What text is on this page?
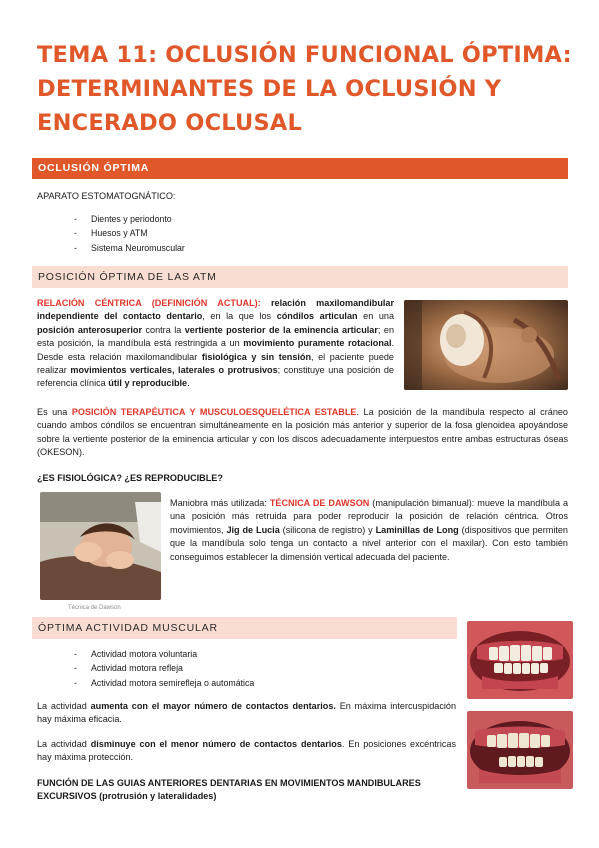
TEMA 11: OCLUSIÓN FUNCIONAL ÓPTIMA:
DETERMINANTES DE LA OCLUSIÓN Y
ENCERADO OCLUSAL
OCLUSIÓN ÓPTIMA

APARATO ESTOMATOGNÁTICO:

- Dientes y periodonto
- Huesos y ATM
- Sistema Neuromuscular
POSICIÓN ÓPTIMA DE LAS ATM

RELACIÓN CÉNTRICA (DEFINICIÓN ACTUAL): relación maxilomandibular independiente del contacto dentario, en la que los cóndilos articulan en una posición anterosuperior contra la vertiente posterior de la eminencia articular; en esta posición, la mandíbula está restringida a un movimiento puramente rotacional. Desde esta relación maxilomandibular fisiológica y sin tensión, el paciente puede realizar movimientos verticales, laterales o protrusivos; constituye una posición de referencia clínica útil y reproducible.

Es una POSICIÓN TERAPÉUTICA Y MUSCULOESQUELÉTICA ESTABLE. La posición de la mandíbula respecto al cráneo cuando ambos cóndilos se encuentran simultáneamente en la posición más anterior y superior de la fosa glenoidea apoyándose sobre la vertiente posterior de la eminencia articular y con los discos adecuadamente interpuestos entre ambas estructuras óseas (OKESON).

¿ES FISIOLÓGICA? ¿ES REPRODUCIBLE?

Técnica de Dawson

Maniobra más utilizada: TÉCNICA DE DAWSON (manipulación bimanual): mueve la mandíbula a una posición más retruida para poder reproducir la posición de relación céntrica. Otros movimientos, Jig de Lucia (silicona de registro) y Laminillas de Long (dispositivos que permiten que la mandíbula solo tenga un contacto a nivel anterior con el maxilar). Con esto también conseguimos establecer la dimensión vertical adecuada del paciente.

ÓPTIMA ACTIVIDAD MUSCULAR
- Actividad motora voluntaria
- Actividad motora refleja
- Actividad motora semirefleja o automática

La actividad aumenta con el mayor número de contactos dentarios. En máxima intercuspidación hay máxima eficacia.

La actividad disminuye con el menor número de contactos dentarios. En posiciones excéntricas hay máxima protección.

FUNCIÓN DE LAS GUIAS ANTERIORES DENTARIAS EN MOVIMIENTOS MANDIBULARES EXCURSIVOS (protrusión y lateralidades)
